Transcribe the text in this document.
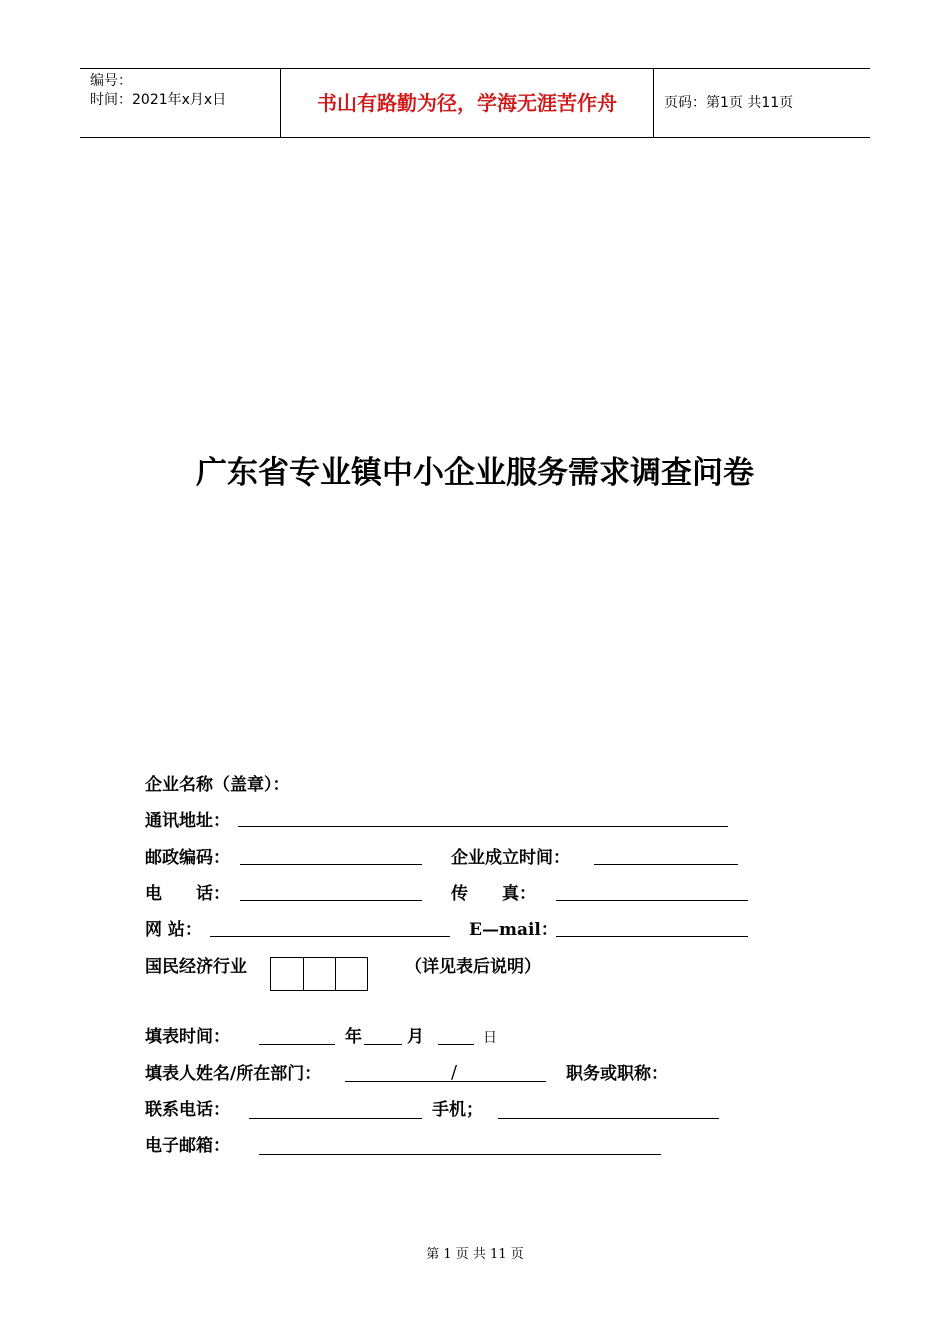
编号：
时间：2021年x月x日	书山有路勤为径，学海无涯苦作舟	页码：第1页 共11页
广东省专业镇中小企业服务需求调查问卷
企业名称（盖章）：
通讯地址：
邮政编码：	企业成立时间：
电　　话：	传　　真：
网 站：	E—mail：
国民经济行业	（详见表后说明）
填表时间：	年	月	日
填表人姓名/所在部门：	/	职务或职称：
联系电话：	手机；
电子邮箱：
第 1 页 共 11 页
